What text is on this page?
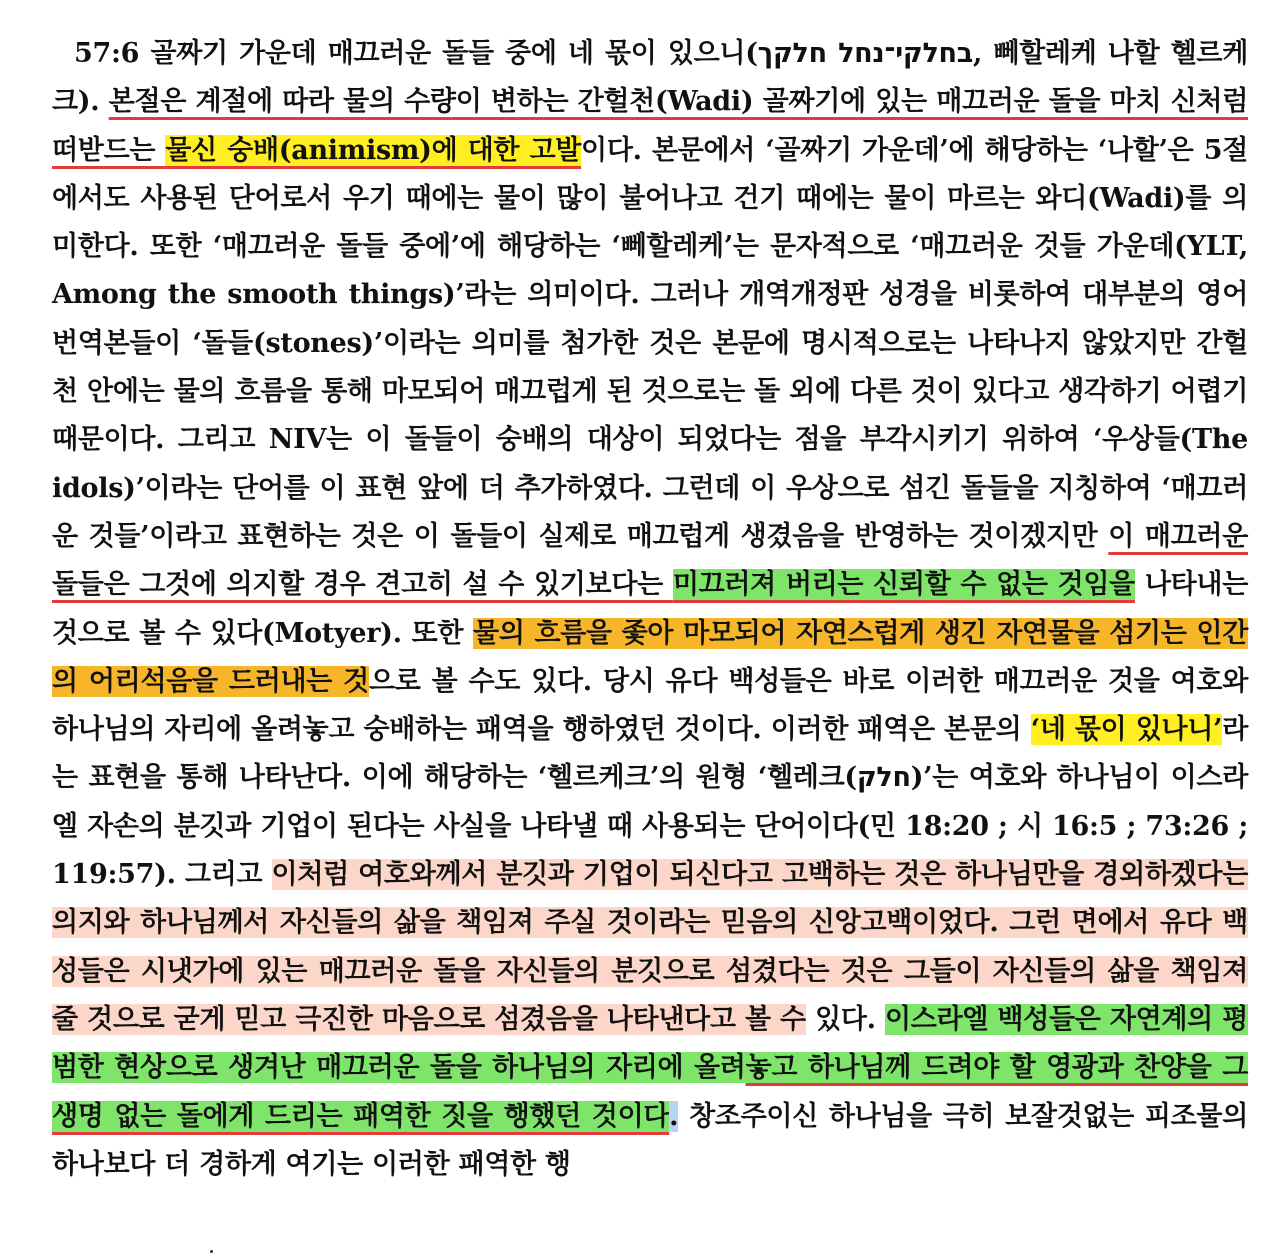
57:6 골짜기 가운데 매끄러운 돌들 중에 네 몫이 있으니(בחלקי־נחל חלקך, 뻬할레케 나할 헬르케크). 본절은 계절에 따라 물의 수량이 변하는 간헐천(Wadi) 골짜기에 있는 매끄러운 돌을 마치 신처럼 떠받드는 물신 숭배(animism)에 대한 고발이다. 본문에서 ‘골짜기 가운데’에 해당하는 ‘나할’은 5절에서도 사용된 단어로서 우기 때에는 물이 많이 불어나고 건기 때에는 물이 마르는 와디(Wadi)를 의미한다. 또한 ‘매끄러운 돌들 중에’에 해당하는 ‘뻬할레케’는 문자적으로 ‘매끄러운 것들 가운데(YLT, Among the smooth things)’라는 의미이다. 그러나 개역개정판 성경을 비롯하여 대부분의 영어 번역본들이 ‘돌들(stones)’이라는 의미를 첨가한 것은 본문에 명시적으로는 나타나지 않았지만 간헐천 안에는 물의 흐름을 통해 마모되어 매끄럽게 된 것으로는 돌 외에 다른 것이 있다고 생각하기 어렵기 때문이다. 그리고 NIV는 이 돌들이 숭배의 대상이 되었다는 점을 부각시키기 위하여 ‘우상들(The idols)’이라는 단어를 이 표현 앞에 더 추가하였다. 그런데 이 우상으로 섬긴 돌들을 지칭하여 ‘매끄러운 것들’이라고 표현하는 것은 이 돌들이 실제로 매끄럽게 생겼음을 반영하는 것이겠지만 이 매끄러운 돌들은 그것에 의지할 경우 견고히 설 수 있기보다는 미끄러져 버리는 신뢰할 수 없는 것임을 나타내는 것으로 볼 수 있다(Motyer). 또한 물의 흐름을 좇아 마모되어 자연스럽게 생긴 자연물을 섬기는 인간의 어리석음을 드러내는 것으로 볼 수도 있다. 당시 유다 백성들은 바로 이러한 매끄러운 것을 여호와 하나님의 자리에 올려놓고 숭배하는 패역을 행하였던 것이다. 이러한 패역은 본문의 ‘네 몫이 있나니’라는 표현을 통해 나타난다. 이에 해당하는 ‘헬르케크’의 원형 ‘헬레크(חלק)’는 여호와 하나님이 이스라엘 자손의 분깃과 기업이 된다는 사실을 나타낼 때 사용되는 단어이다(민 18:20 ; 시 16:5 ; 73:26 ; 119:57). 그리고 이처럼 여호와께서 분깃과 기업이 되신다고 고백하는 것은 하나님만을 경외하겠다는 의지와 하나님께서 자신들의 삶을 책임져 주실 것이라는 믿음의 신앙고백이었다. 그런 면에서 유다 백성들은 시냇가에 있는 매끄러운 돌을 자신들의 분깃으로 섬겼다는 것은 그들이 자신들의 삶을 책임져 줄 것으로 굳게 믿고 극진한 마음으로 섬겼음을 나타낸다고 볼 수 있다. 이스라엘 백성들은 자연계의 평범한 현상으로 생겨난 매끄러운 돌을 하나님의 자리에 올려놓고 하나님께 드려야 할 영광과 찬양을 그 생명 없는 돌에게 드리는 패역한 짓을 행했던 것이다. 창조주이신 하나님을 극히 보잘것없는 피조물의 하나보다 더 경하게 여기는 이러한 패역한 행
